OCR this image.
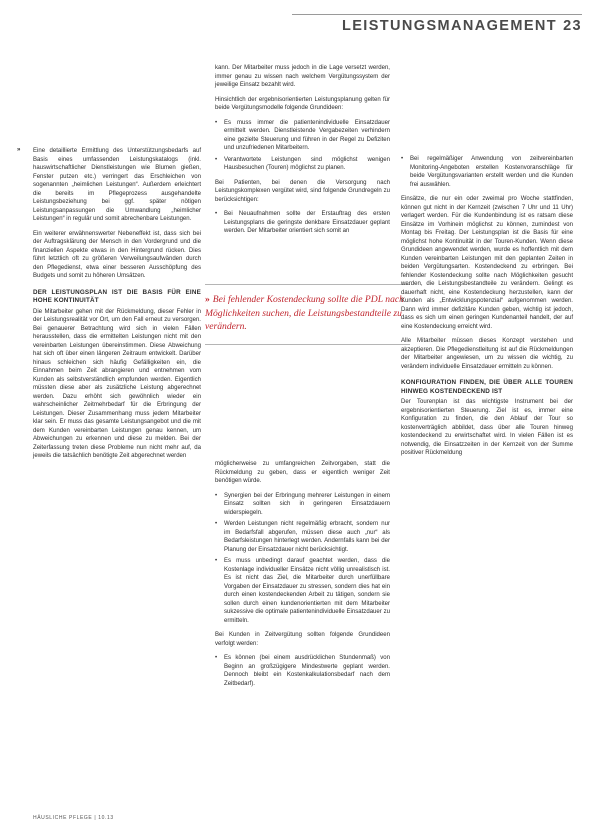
LEISTUNGSMANAGEMENT 23
» Eine detaillierte Ermittlung des Unterstützungsbedarfs auf Basis eines umfassenden Leistungskatalogs (inkl. hauswirtschaftlicher Dienstleistungen wie Blumen gießen, Fenster putzen etc.) verringert das Erschleichen von sogenannten „heimlichen Leistungen“. Außerdem erleichtert die bereits im Pflegeprozess ausgehandelte Leistungsbeziehung bei ggf. später nötigen Leistungsanpassungen die Umwandlung „heimlicher Leistungen“ in regulär und somit abrechenbare Leistungen.

Ein weiterer erwähnenswerter Nebeneffekt ist, dass sich bei der Auftragsklärung der Mensch in den Vordergrund und die finanziellen Aspekte etwas in den Hintergrund rücken. Dies führt letztlich oft zu größeren Verweilungsaufwänden durch den Pflegedienst, etwa einer besseren Ausschöpfung des Budgets und somit zu höheren Umsätzen.

DER LEISTUNGSPLAN IST DIE BASIS FÜR EINE HOHE KONTINUITÄT

Die Mitarbeiter gehen mit der Rückmeldung, dieser Fehler in der Leistungsrealität vor Ort, um den Fall erneut zu versorgen. Bei genauerer Betrachtung wird sich in vielen Fällen herausstellen, dass die ermittelten Leistungen nicht mit den vereinbarten Leistungen übereinstimmen. Diese Abweichung hat sich oft über einen längeren Zeitraum entwickelt. Darüber hinaus schleichen sich häufig Gefälligkeiten ein, die Einnahmen beim Zeit abrangieren und entnehmen vom Kunden als selbstverständlich empfunden werden. Eigentlich müssten diese aber als zusätzliche Leistung abgerechnet werden. Dazu erhöht sich gewöhnlich wieder ein wahrscheinlicher Zeitmehrbedarf für die Erbringung der Leistungen. Dieser Zusammenhang muss jedem Mitarbeiter klar sein. Er muss das gesamte Leistungsangebot und die mit dem Kunden vereinbarten Leistungen genau kennen, um Abweichungen zu erkennen und diese zu melden. Bei der Zeiterfassung treten diese Probleme nun nicht mehr auf, da jeweils die tatsächlich benötigte Zeit abgerechnet werden

kann. Der Mitarbeiter muss jedoch in die Lage versetzt werden, immer genau zu wissen nach welchem Vergütungssystem der jeweilige Einsatz bezahlt wird.

Hinsichtlich der ergebnisorientierten Leistungsplanung gelten für beide Vergütungsmodelle folgende Grundideen:

• Es muss immer die patientenindividuelle Einsatzdauer ermittelt werden. Dienstleistende Vergabezeiten verhindern eine gezielte Steuerung und führen in der Regel zu Defiziten und unzufriedenen Mitarbeitern.
• Verantwortete Leistungen sind möglichst wenigen Hausbesuchen (Touren) möglichst zu planen.

Bei Patienten, bei denen die Versorgung nach Leistungskomplexen vergütet wird, sind folgende Grundregeln zu berücksichtigen:

• Bei Neuaufnahmen sollte der Erstauftrag des ersten Leistungsplans die geringste denkbare Einsatzdauer geplant werden. Der Mitarbeiter orientiert sich somit an
» Bei fehlender Kostendeckung sollte die PDL nach Möglichkeiten suchen, die Leistungsbestandteile zu verändern.

möglicherweise zu umfangreichen Zeitvorgaben, statt die Rückmeldung zu geben, dass er eigentlich weniger Zeit benötigen würde.

• Synergien bei der Erbringung mehrerer Leistungen in einem Einsatz sollten sich in geringeren Einsatzdauern widerspiegeln.
• Werden Leistungen nicht regelmäßig erbracht, sondern nur im Bedarfsfall abgerufen, müssen diese auch „nur“ als Bedarfsleistungen hinterlegt werden. Andernfalls kann bei der Planung der Einsatzdauer nicht berücksichtigt.
• Es muss unbedingt darauf geachtet werden, dass die Kostenlage individueller Einsätze nicht völlig unrealistisch ist. Es ist nicht das Ziel, die Mitarbeiter durch unerfüllbare Vorgaben der Einsatzdauer zu stressen, sondern dies hat ein durch einen kostendeckenden Arbeit zu tätigen, sondern sie sollen durch einen kundenorientierten mit dem Mitarbeiter sukzessive die optimale patientenindividuelle Einsatzdauer zu ermitteln.

Bei Kunden in Zeitvergütung sollten folgende Grundideen verfolgt werden:

• Es können (bei einem ausdrücklichen Stundenmaß) von Beginn an großzügigere Mindestwerte geplant werden. Dennoch bleibt ein Kostenkalkulationsbedarf nach dem Zeitbedarf).
• Bei regelmäßiger Anwendung von zeitvereinbarten Monitoring-Angeboten erstellen Kostenvoranschläge für beide Vergütungsvarianten erstellt werden und die Kunden frei auswählen.

Einsätze, die nur ein oder zweimal pro Woche stattfinden, können gut nicht in der Kernzeit (zwischen 7 Uhr und 11 Uhr) verlagert werden. Für die Kundenbindung ist es ratsam diese Einsätze im Vorhinein möglichst zu können, zumindest von Montag bis Freitag. Der Leistungsplan ist die Basis für eine möglichst hohe Kontinuität in der Touren-Kunden. Wenn diese Grundideen angewendet werden, wurde es hoffentlich mit dem Kunden vereinbarten Leistungen mit den geplanten Zeiten in beiden Vergütungsarten. Kostendeckend zu erbringen. Bei fehlender Kostendeckung sollte nach Möglichkeiten gesucht werden, die Leistungsbestandteile zu verändern. Gelingt es dauerhaft nicht, eine Kostendeckung herzustellen, kann der Kunden als „Entwicklungspotenzial“ aufgenommen werden. Dann wird immer defizitäre Kunden geben, wichtig ist jedoch, dass es sich um einen geringen Kundenanteil handelt, der auf eine Kostendeckung erreicht wird.

Alle Mitarbeiter müssen dieses Konzept verstehen und akzeptieren. Die Pflegedienstleitung ist auf die Rückmeldungen der Mitarbeiter angewiesen, um zu wissen die wichtig, zu verändern individuelle Einsatzdauer ermitteln zu können.

KONFIGURATION FINDEN, DIE ÜBER ALLE TOUREN HINWEG KOSTENDECKEND IST

Der Tourenplan ist das wichtigste Instrument bei der ergebnisorientierten Steuerung. Ziel ist es, immer eine Konfiguration zu finden, die den Ablauf der Tour so kostenverträglich abbildet, dass über alle Touren hinweg kostendeckend zu erwirtschaftet wird. In vielen Fällen ist es notwendig, die Einsatzzeiten in der Kernzeit von der Summe positiver Rückmeldung

HÄUSLICHE PFLEGE | 10.13
